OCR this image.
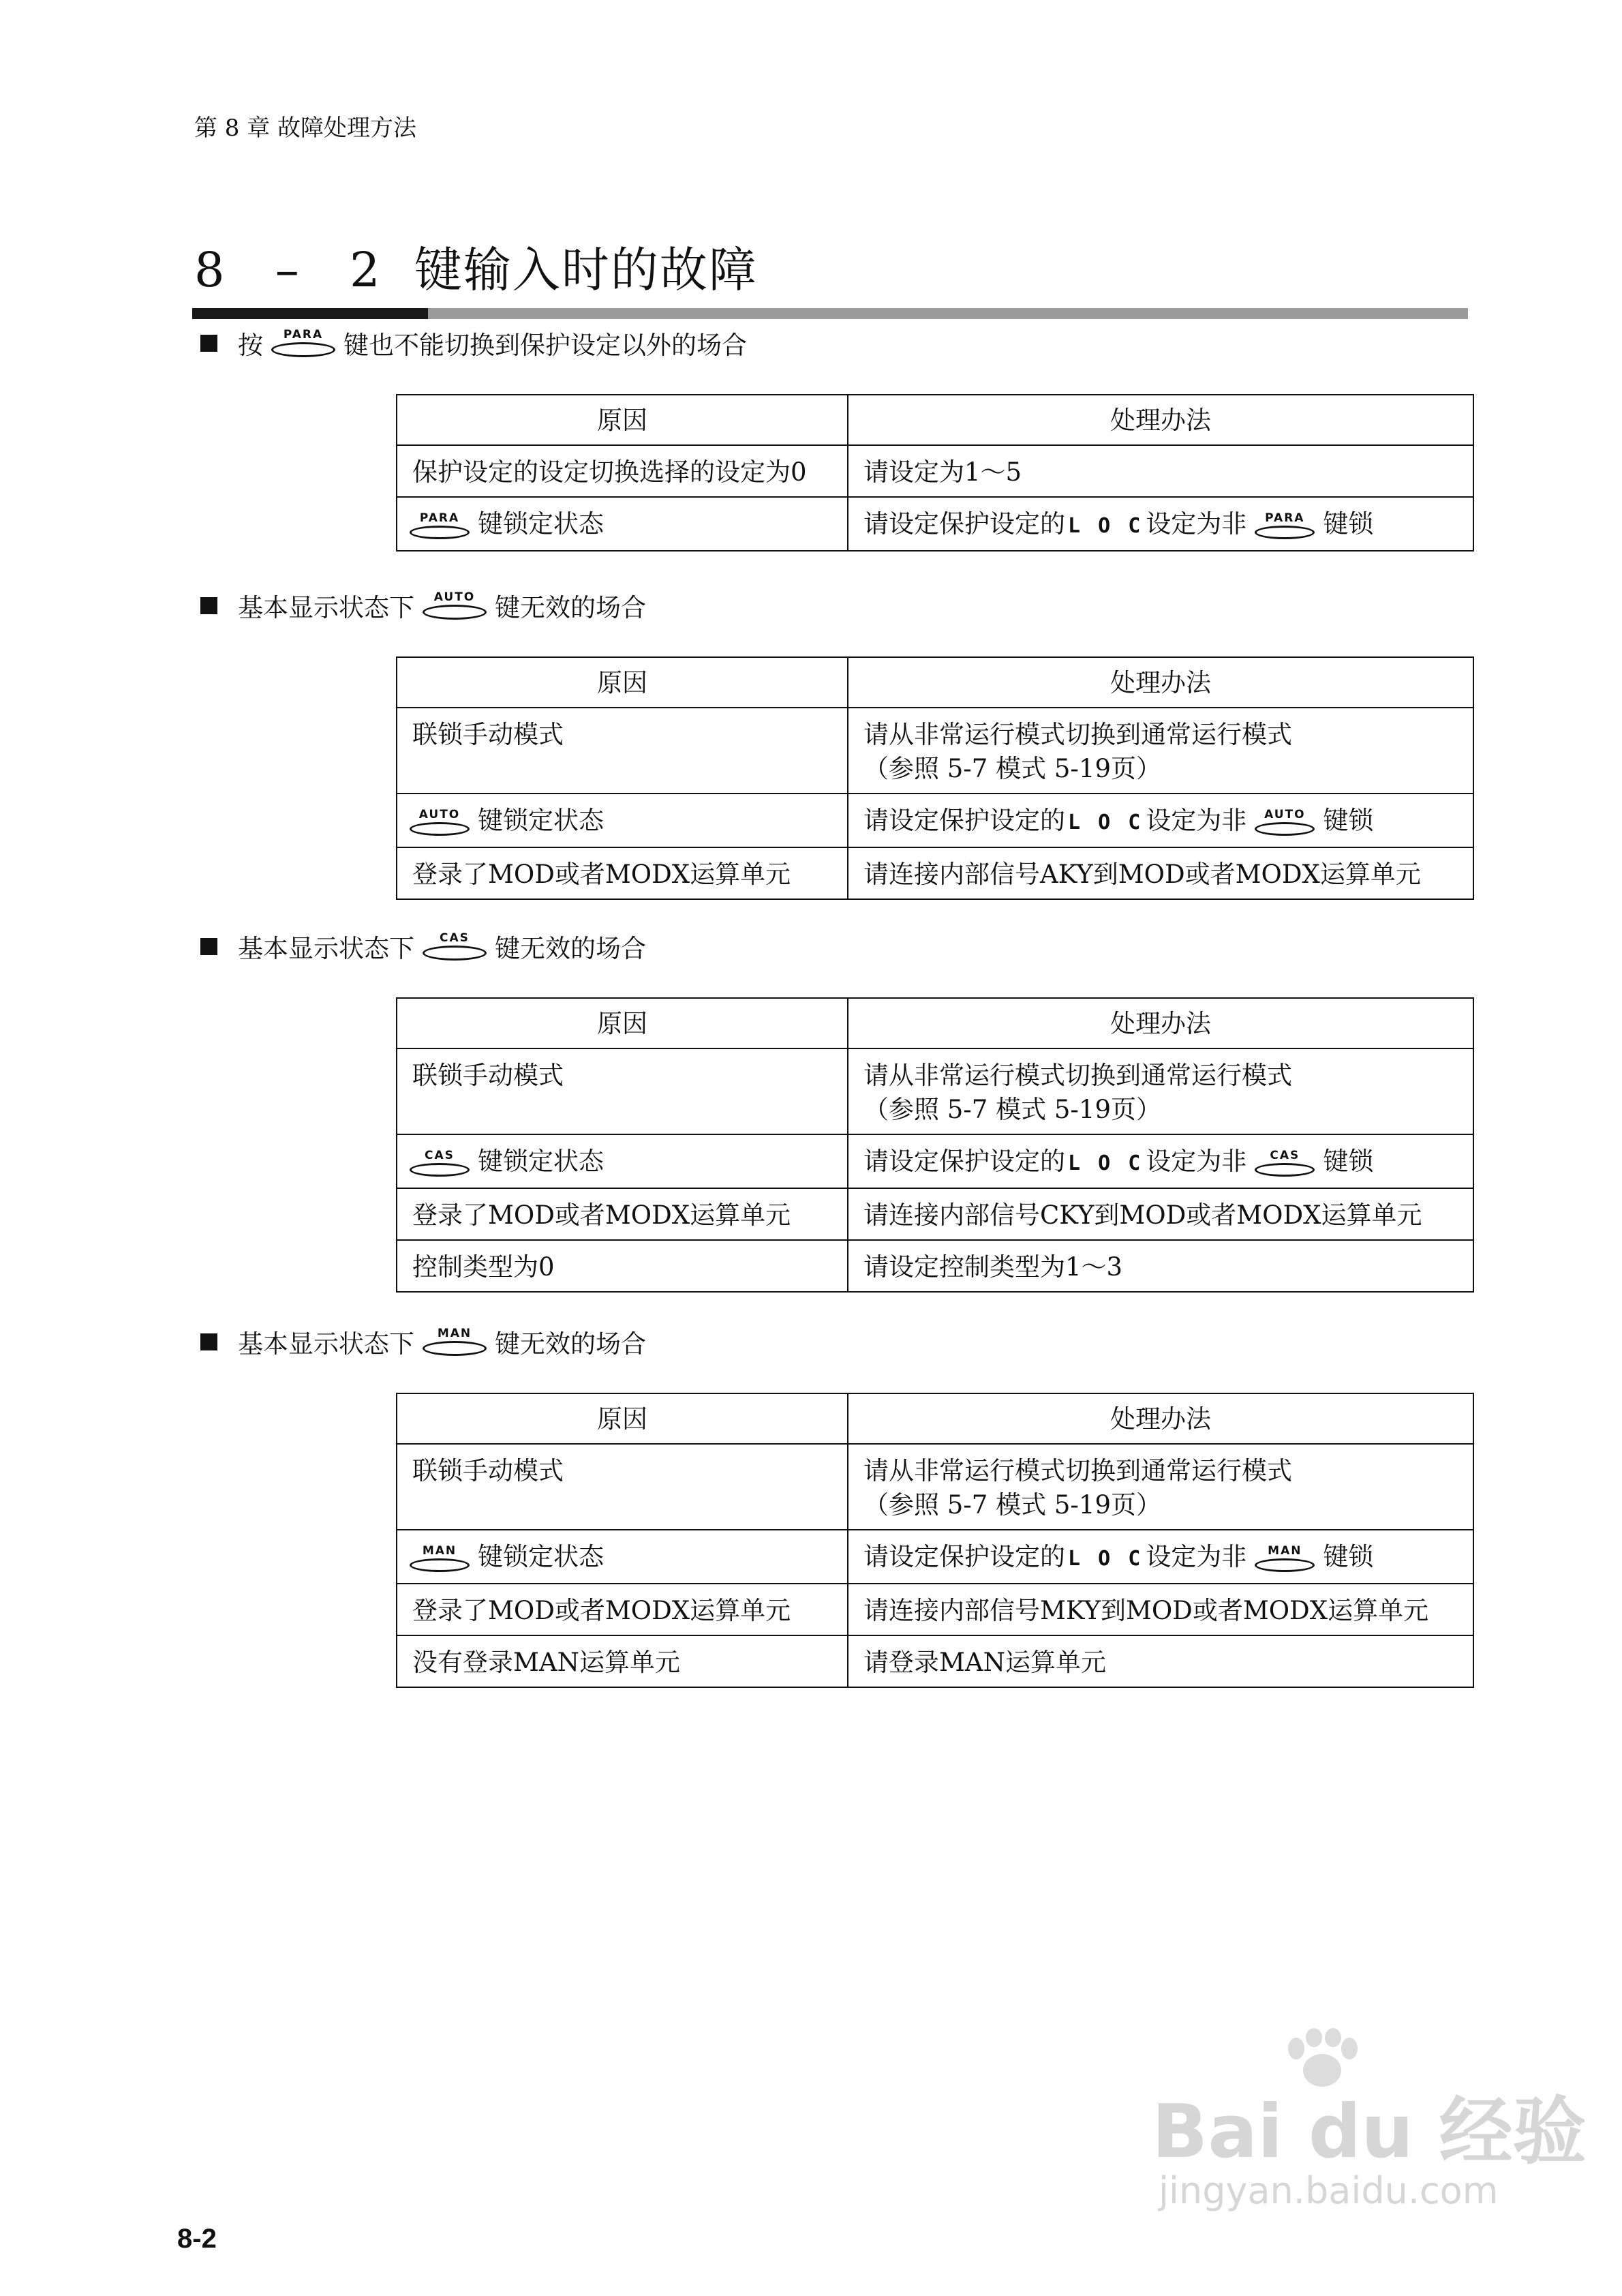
第 8 章 故障处理方法
8 – 2 键输入时的故障
按 PARA 键也不能切换到保护设定以外的场合
原因	处理办法
保护设定的设定切换选择的设定为0	请设定为1～5

PARA 键锁定状态	请设定保护设定的 L O C 设定为非 PARA 键锁
基本显示状态下 AUTO 键无效的场合
原因	处理办法
联锁手动模式	请从非常运行模式切换到通常运行模式
（参照 5-7 模式 5-19页）

AUTO 键锁定状态	请设定保护设定的 L O C 设定为非 AUTO 键锁
登录了MOD或者MODX运算单元	请连接内部信号AKY到MOD或者MODX运算单元
基本显示状态下 CAS 键无效的场合
原因	处理办法
联锁手动模式	请从非常运行模式切换到通常运行模式
（参照 5-7 模式 5-19页）

CAS 键锁定状态	请设定保护设定的 L O C 设定为非 CAS 键锁
登录了MOD或者MODX运算单元	请连接内部信号CKY到MOD或者MODX运算单元
控制类型为0	请设定控制类型为1～3
基本显示状态下 MAN 键无效的场合
原因	处理办法
联锁手动模式	请从非常运行模式切换到通常运行模式
（参照 5-7 模式 5-19页）

MAN 键锁定状态	请设定保护设定的 L O C 设定为非 MAN 键锁
登录了MOD或者MODX运算单元	请连接内部信号MKY到MOD或者MODX运算单元
没有登录MAN运算单元	请登录MAN运算单元
Bai du 经验
jingyan.baidu.com
8-2
